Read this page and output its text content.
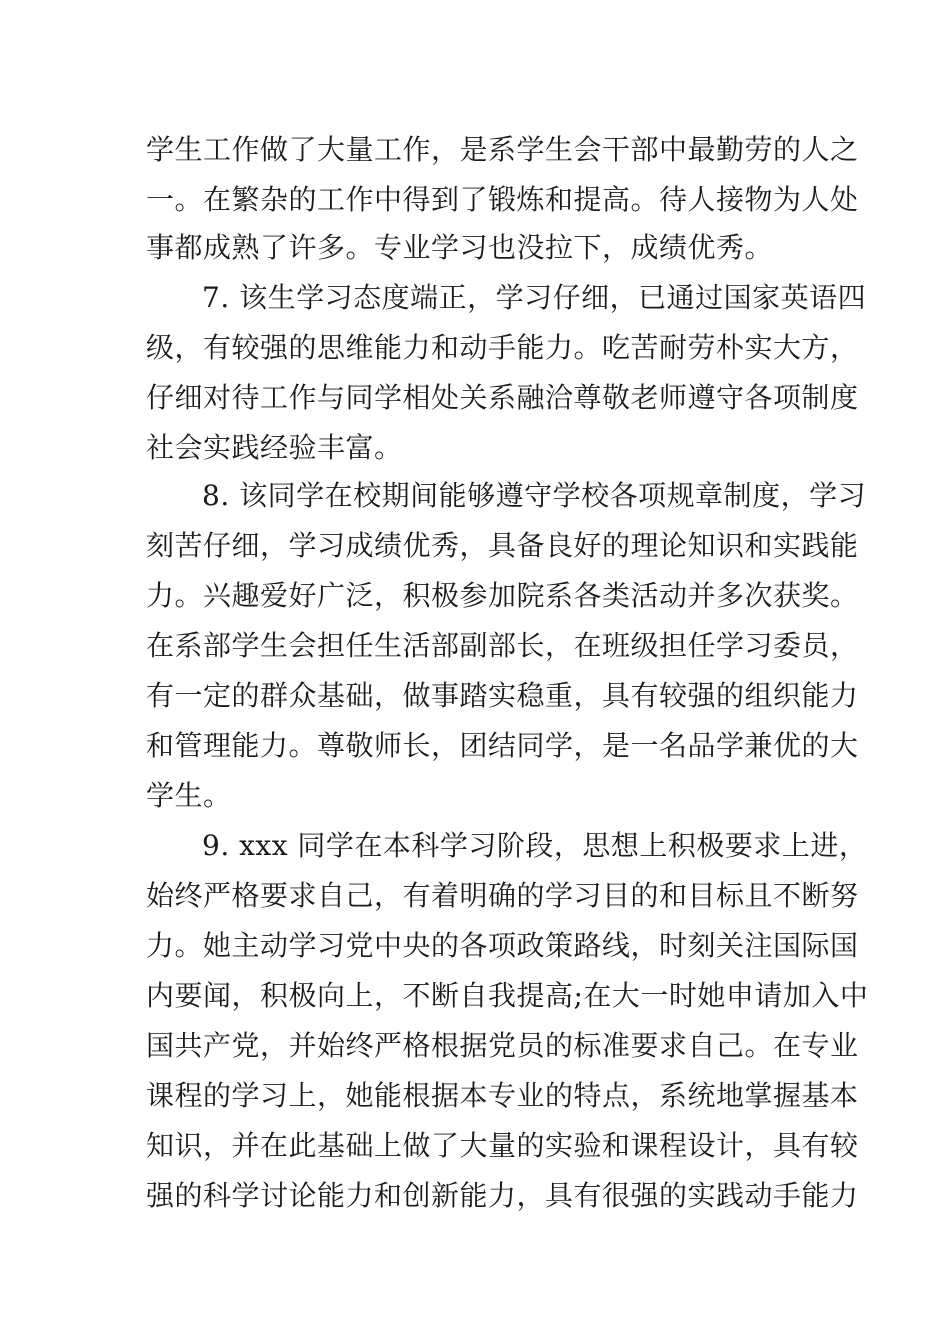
学生工作做了大量工作，是系学生会干部中最勤劳的人之
一。在繁杂的工作中得到了锻炼和提高。待人接物为人处
事都成熟了许多。专业学习也没拉下，成绩优秀。
7. 该生学习态度端正，学习仔细，已通过国家英语四
级，有较强的思维能力和动手能力。吃苦耐劳朴实大方，
仔细对待工作与同学相处关系融洽尊敬老师遵守各项制度
社会实践经验丰富。
8. 该同学在校期间能够遵守学校各项规章制度，学习
刻苦仔细，学习成绩优秀，具备良好的理论知识和实践能
力。兴趣爱好广泛，积极参加院系各类活动并多次获奖。
在系部学生会担任生活部副部长，在班级担任学习委员，
有一定的群众基础，做事踏实稳重，具有较强的组织能力
和管理能力。尊敬师长，团结同学，是一名品学兼优的大
学生。
9. xxx 同学在本科学习阶段，思想上积极要求上进，
始终严格要求自己，有着明确的学习目的和目标且不断努
力。她主动学习党中央的各项政策路线，时刻关注国际国
内要闻，积极向上，不断自我提高;在大一时她申请加入中
国共产党，并始终严格根据党员的标准要求自己。在专业
课程的学习上，她能根据本专业的特点，系统地掌握基本
知识，并在此基础上做了大量的实验和课程设计，具有较
强的科学讨论能力和创新能力，具有很强的实践动手能力
